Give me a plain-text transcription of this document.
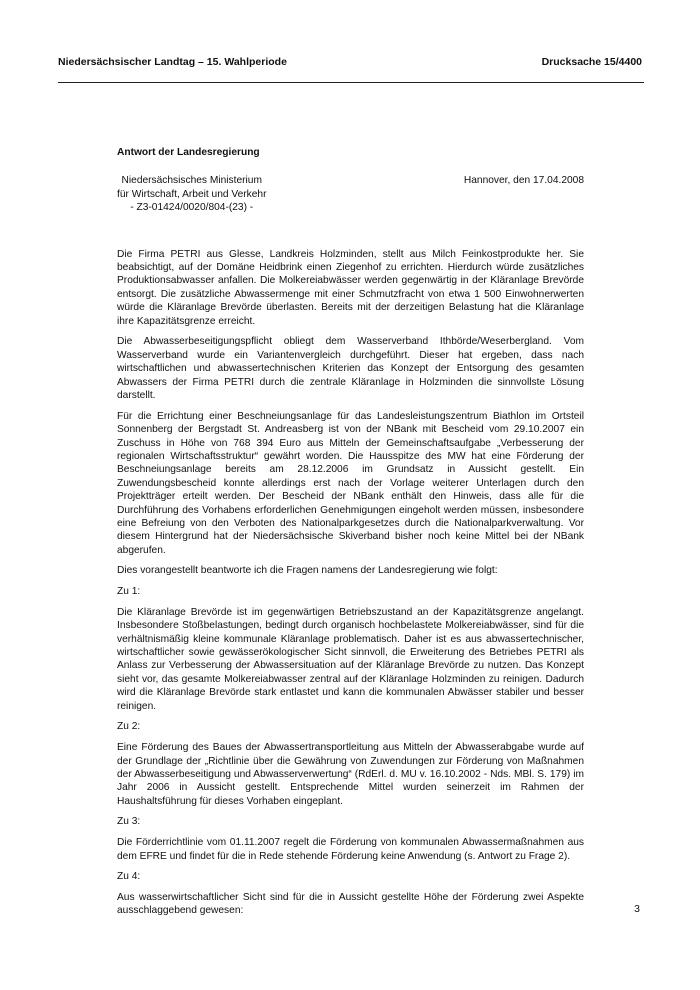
Niedersächsischer Landtag – 15. Wahlperiode	Drucksache 15/4400
Antwort der Landesregierung
Niedersächsisches Ministerium
für Wirtschaft, Arbeit und Verkehr
- Z3-01424/0020/804-(23) -
Hannover, den 17.04.2008

Die Firma PETRI aus Glesse, Landkreis Holzminden, stellt aus Milch Feinkostprodukte her. Sie beabsichtigt, auf der Domäne Heidbrink einen Ziegenhof zu errichten. Hierdurch würde zusätzliches Produktionsabwasser anfallen. Die Molkereiabwässer werden gegenwärtig in der Kläranlage Brevörde entsorgt. Die zusätzliche Abwassermenge mit einer Schmutzfracht von etwa 1 500 Einwohnerwerten würde die Kläranlage Brevörde überlasten. Bereits mit der derzeitigen Belastung hat die Kläranlage ihre Kapazitätsgrenze erreicht.

Die Abwasserbeseitigungspflicht obliegt dem Wasserverband Ithbörde/Weserbergland. Vom Wasserverband wurde ein Variantenvergleich durchgeführt. Dieser hat ergeben, dass nach wirtschaftlichen und abwassertechnischen Kriterien das Konzept der Entsorgung des gesamten Abwassers der Firma PETRI durch die zentrale Kläranlage in Holzminden die sinnvollste Lösung darstellt.

Für die Errichtung einer Beschneiungsanlage für das Landesleistungszentrum Biathlon im Ortsteil Sonnenberg der Bergstadt St. Andreasberg ist von der NBank mit Bescheid vom 29.10.2007 ein Zuschuss in Höhe von 768 394 Euro aus Mitteln der Gemeinschaftsaufgabe „Verbesserung der regionalen Wirtschaftsstruktur“ gewährt worden. Die Hausspitze des MW hat eine Förderung der Beschneiungsanlage bereits am 28.12.2006 im Grundsatz in Aussicht gestellt. Ein Zuwendungsbescheid konnte allerdings erst nach der Vorlage weiterer Unterlagen durch den Projektträger erteilt werden. Der Bescheid der NBank enthält den Hinweis, dass alle für die Durchführung des Vorhabens erforderlichen Genehmigungen eingeholt werden müssen, insbesondere eine Befreiung von den Verboten des Nationalparkgesetzes durch die Nationalparkverwaltung. Vor diesem Hintergrund hat der Niedersächsische Skiverband bisher noch keine Mittel bei der NBank abgerufen.

Dies vorangestellt beantworte ich die Fragen namens der Landesregierung wie folgt:

Zu 1:

Die Kläranlage Brevörde ist im gegenwärtigen Betriebszustand an der Kapazitätsgrenze angelangt. Insbesondere Stoßbelastungen, bedingt durch organisch hochbelastete Molkereiabwässer, sind für die verhältnismäßig kleine kommunale Kläranlage problematisch. Daher ist es aus abwassertechnischer, wirtschaftlicher sowie gewässerökologischer Sicht sinnvoll, die Erweiterung des Betriebes PETRI als Anlass zur Verbesserung der Abwassersituation auf der Kläranlage Brevörde zu nutzen. Das Konzept sieht vor, das gesamte Molkereiabwasser zentral auf der Kläranlage Holzminden zu reinigen. Dadurch wird die Kläranlage Brevörde stark entlastet und kann die kommunalen Abwässer stabiler und besser reinigen.

Zu 2:

Eine Förderung des Baues der Abwassertransportleitung aus Mitteln der Abwasserabgabe wurde auf der Grundlage der „Richtlinie über die Gewährung von Zuwendungen zur Förderung von Maßnahmen der Abwasserbeseitigung und Abwasserverwertung“ (RdErl. d. MU v. 16.10.2002 - Nds. MBl. S. 179) im Jahr 2006 in Aussicht gestellt. Entsprechende Mittel wurden seinerzeit im Rahmen der Haushaltsführung für dieses Vorhaben eingeplant.

Zu 3:

Die Förderrichtlinie vom 01.11.2007 regelt die Förderung von kommunalen Abwassermaßnahmen aus dem EFRE und findet für die in Rede stehende Förderung keine Anwendung (s. Antwort zu Frage 2).

Zu 4:

Aus wasserwirtschaftlicher Sicht sind für die in Aussicht gestellte Höhe der Förderung zwei Aspekte ausschlaggebend gewesen:	3
